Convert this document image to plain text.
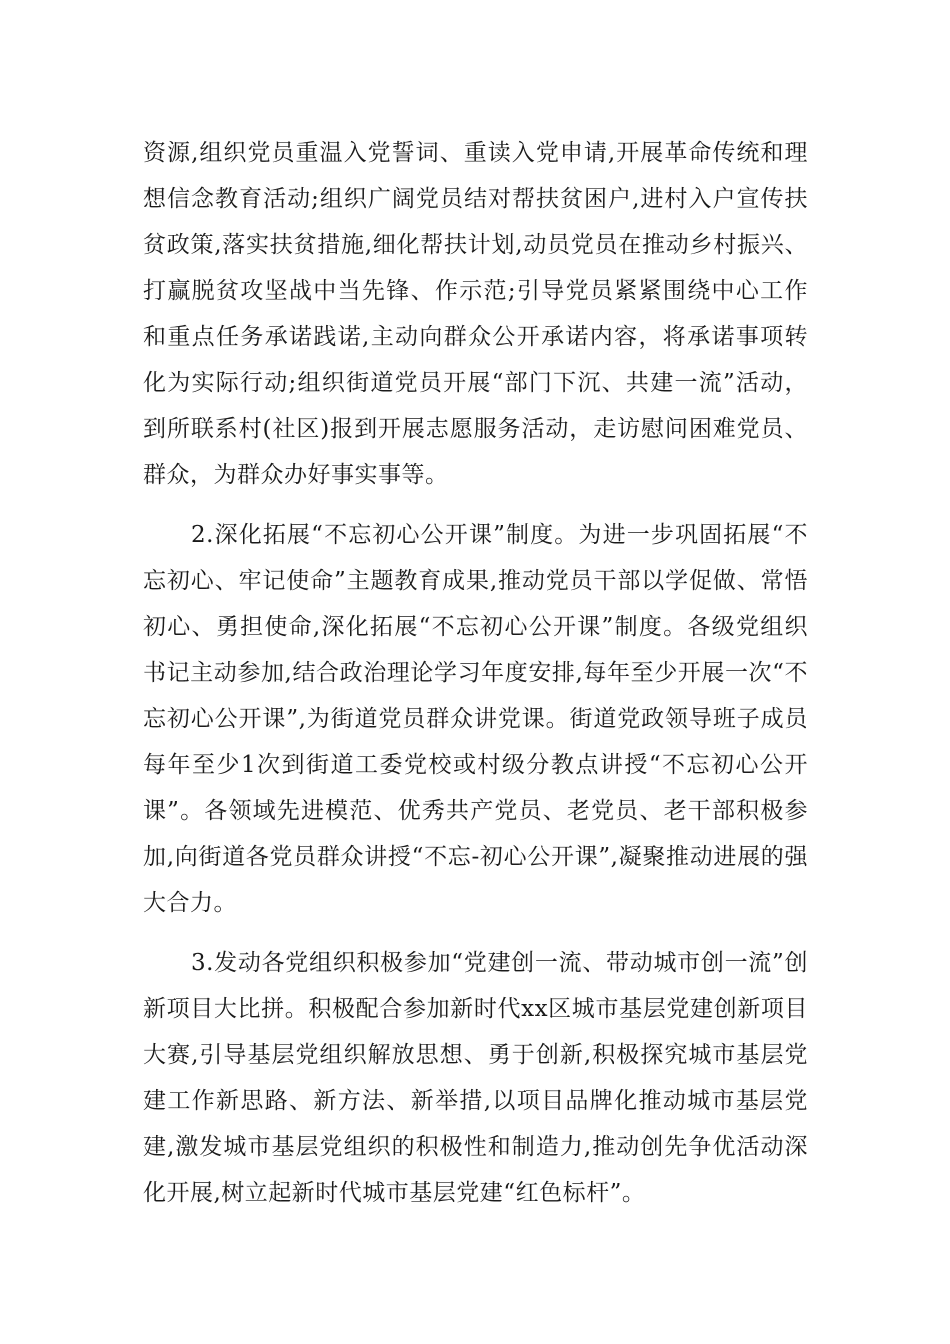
资源,组织党员重温入党誓词、重读入党申请,开展革命传统和理想信念教育活动;组织广阔党员结对帮扶贫困户,进村入户宣传扶贫政策,落实扶贫措施,细化帮扶计划,动员党员在推动乡村振兴、打赢脱贫攻坚战中当先锋、作示范;引导党员紧紧围绕中心工作和重点任务承诺践诺,主动向群众公开承诺内容，将承诺事项转化为实际行动;组织街道党员开展“部门下沉、共建一流”活动，到所联系村(社区)报到开展志愿服务活动，走访慰问困难党员、群众，为群众办好事实事等。

2.深化拓展“不忘初心公开课”制度。为进一步巩固拓展“不忘初心、牢记使命”主题教育成果,推动党员干部以学促做、常悟初心、勇担使命,深化拓展“不忘初心公开课”制度。各级党组织书记主动参加,结合政治理论学习年度安排,每年至少开展一次“不忘初心公开课”,为街道党员群众讲党课。街道党政领导班子成员每年至少1次到街道工委党校或村级分教点讲授“不忘初心公开课”。各领域先进模范、优秀共产党员、老党员、老干部积极参加,向街道各党员群众讲授“不忘-初心公开课”,凝聚推动进展的强大合力。

3.发动各党组织积极参加“党建创一流、带动城市创一流”创新项目大比拼。积极配合参加新时代xx区城市基层党建创新项目大赛,引导基层党组织解放思想、勇于创新,积极探究城市基层党建工作新思路、新方法、新举措,以项目品牌化推动城市基层党建,激发城市基层党组织的积极性和制造力,推动创先争优活动深化开展,树立起新时代城市基层党建“红色标杆”。
